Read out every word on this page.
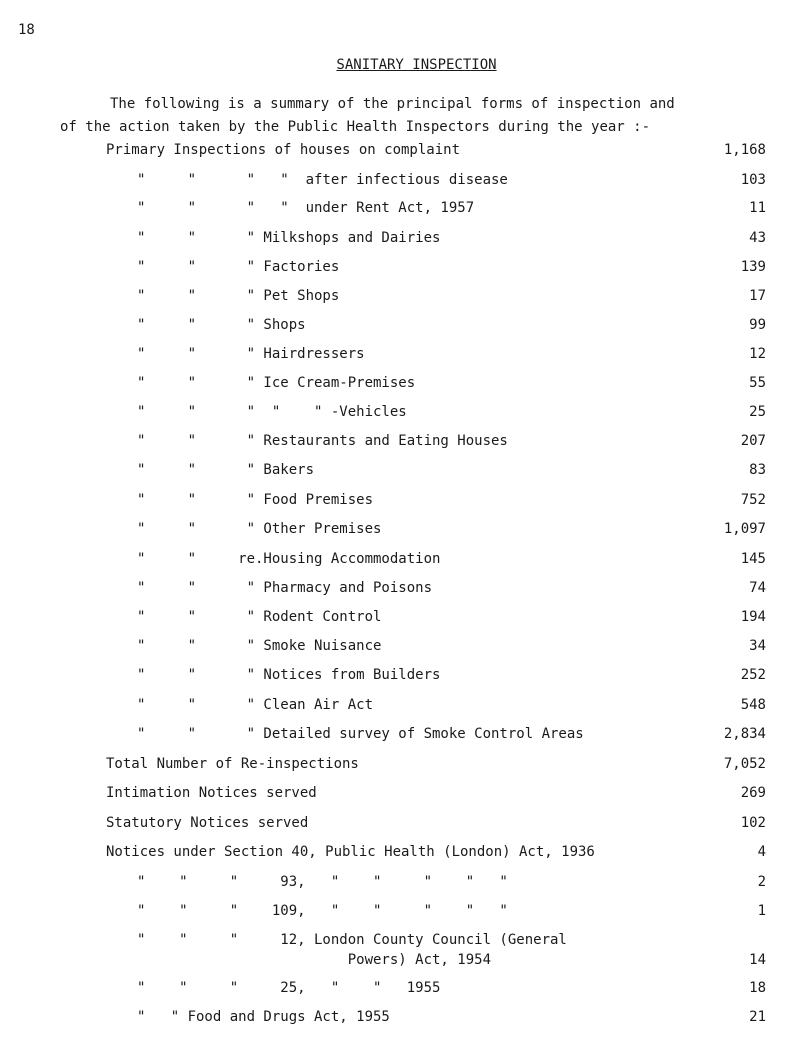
18
SANITARY INSPECTION
The following is a summary of the principal forms of inspection and
of the action taken by the Public Health Inspectors during the year :-
Primary Inspections of houses on complaint	1,168
"     "      "   "  after infectious disease	103
"     "      "   "  under Rent Act, 1957	11
"     "      " Milkshops and Dairies	43
"     "      " Factories	139
"     "      " Pet Shops	17
"     "      " Shops	99
"     "      " Hairdressers	12
"     "      " Ice Cream-Premises	55
"     "      "  "    " -Vehicles	25
"     "      " Restaurants and Eating Houses	207
"     "      " Bakers	83
"     "      " Food Premises	752
"     "      " Other Premises	1,097
"     "     re.Housing Accommodation	145
"     "      " Pharmacy and Poisons	74
"     "      " Rodent Control	194
"     "      " Smoke Nuisance	34
"     "      " Notices from Builders	252
"     "      " Clean Air Act	548
"     "      " Detailed survey of Smoke Control Areas	2,834
Total Number of Re-inspections	7,052
Intimation Notices served	269
Statutory Notices served	102
Notices under Section 40, Public Health (London) Act, 1936	4
"    "     "     93,   "    "     "    "   "	2
"    "     "    109,   "    "     "    "   "	1
"    "     "     12, London County Council (General
Powers) Act, 1954	14
"    "     "     25,   "    "   1955	18
"   " Food and Drugs Act, 1955	21
